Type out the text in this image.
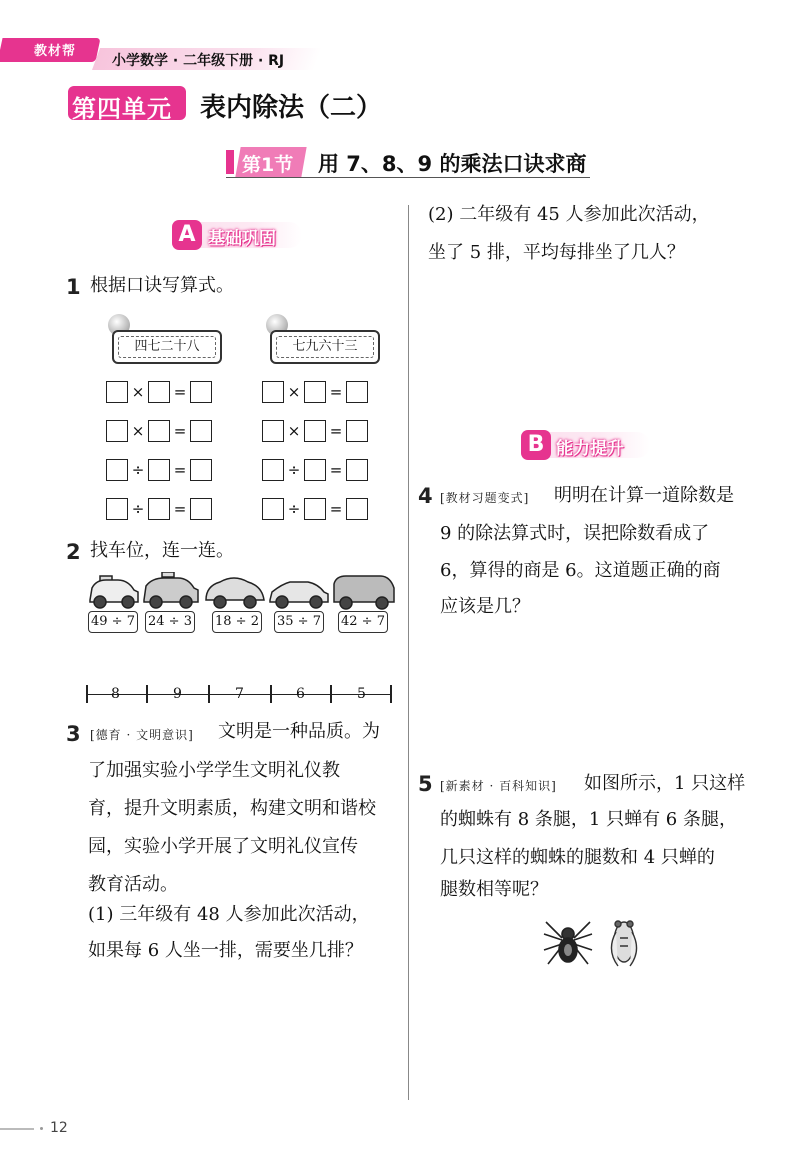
教材帮
小学数学 · 二年级下册 · RJ
第四单元 表内除法（二）
第1节 用 7、8、9 的乘法口诀求商
A 基础巩固
1 根据口诀写算式。
四七二十八	七九六十三
× =	× =
× =	× =
÷ =	÷ =
÷ =	÷ =
2 找车位，连一连。
49 ÷ 7 24 ÷ 3 18 ÷ 2 35 ÷ 7 42 ÷ 7
8	9	7	6	5
3 [德育 · 文明意识] 文明是一种品质。为
了加强实验小学学生文明礼仪教
育，提升文明素质，构建文明和谐校
园，实验小学开展了文明礼仪宣传
教育活动。
(1) 三年级有 48 人参加此次活动，
如果每 6 人坐一排，需要坐几排？
(2) 二年级有 45 人参加此次活动，
坐了 5 排，平均每排坐了几人？
B 能力提升
4 [教材习题变式] 明明在计算一道除数是
9 的除法算式时，误把除数看成了
6，算得的商是 6。这道题正确的商
应该是几？
5 [新素材 · 百科知识] 如图所示，1 只这样
的蜘蛛有 8 条腿，1 只蝉有 6 条腿，
几只这样的蜘蛛的腿数和 4 只蝉的
腿数相等呢？
12
